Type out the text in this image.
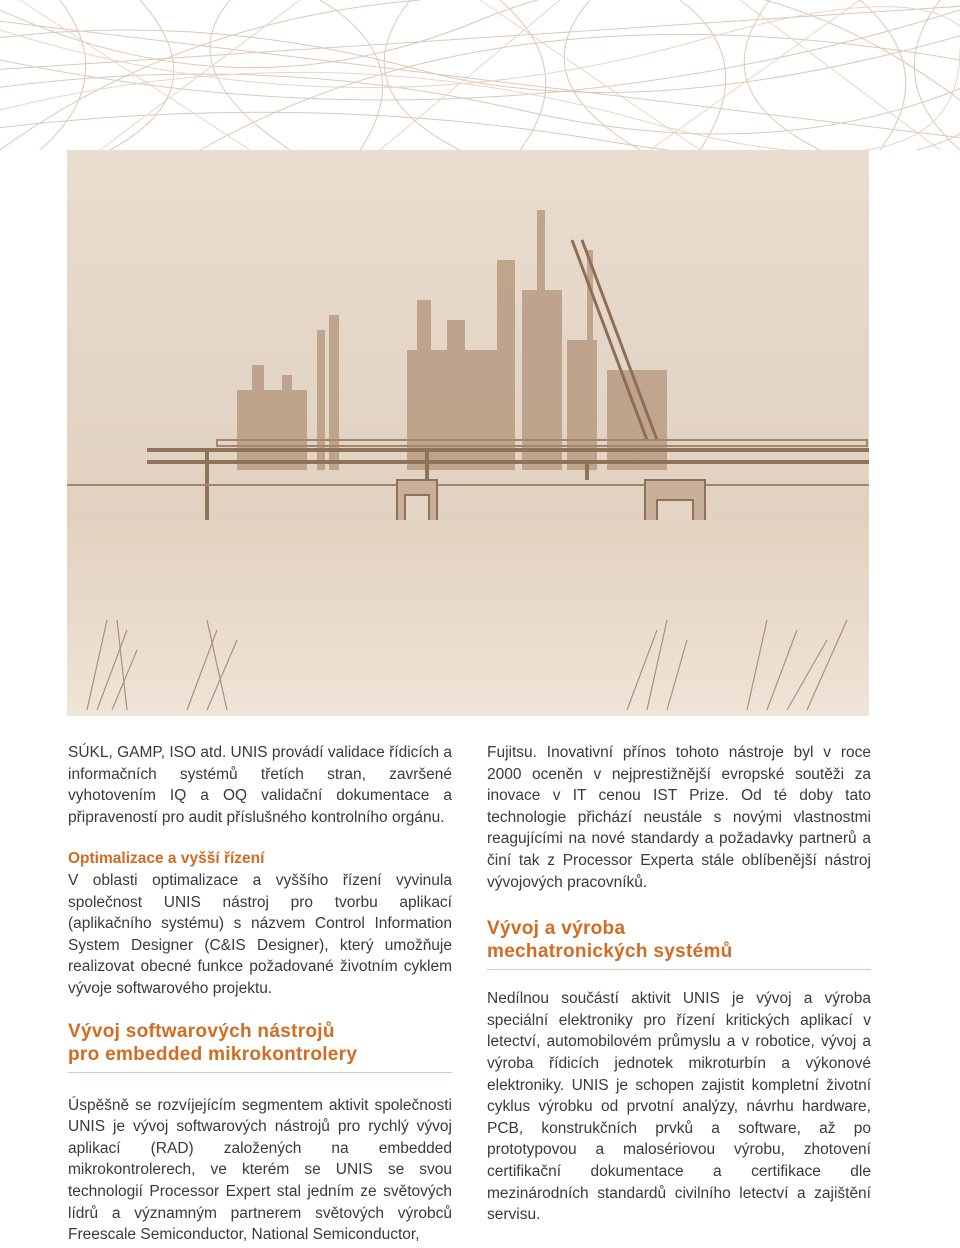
SÚKL, GAMP, ISO atd. UNIS provádí validace řídicích a informačních systémů třetích stran, završené vyhotovením IQ a OQ validační dokumentace a připraveností pro audit příslušného kontrolního orgánu.

Optimalizace a vyšší řízení

V oblasti optimalizace a vyššího řízení vyvinula společnost UNIS nástroj pro tvorbu aplikací (aplikačního systému) s názvem Control Information System Designer (C&IS Designer), který umožňuje realizovat obecné funkce požadované životním cyklem vývoje softwarového projektu.

Vývoj softwarových nástrojů

pro embedded mikrokontrolery

Úspěšně se rozvíjejícím segmentem aktivit společnosti UNIS je vývoj softwarových nástrojů pro rychlý vývoj aplikací (RAD) založených na embedded mikrokontrolerech, ve kterém se UNIS se svou technologií Processor Expert stal jedním ze světových lídrů a významným partnerem světových výrobců Freescale Semiconductor, National Semiconductor,

Fujitsu. Inovativní přínos tohoto nástroje byl v roce 2000 oceněn v nejprestižnější evropské soutěži za inovace v IT cenou IST Prize. Od té doby tato technologie přichází neustále s novými vlastnostmi reagujícími na nové standardy a požadavky partnerů a činí tak z Processor Experta stále oblíbenější nástroj vývojových pracovníků.

Vývoj a výroba

mechatronických systémů

Nedílnou součástí aktivit UNIS je vývoj a výroba speciální elektroniky pro řízení kritických aplikací v letectví, automobilovém průmyslu a v robotice, vývoj a výroba řídicích jednotek mikroturbín a výkonové elektroniky. UNIS je schopen zajistit kompletní životní cyklus výrobku od prvotní analýzy, návrhu hardware, PCB, konstrukčních prvků a software, až po prototypovou a malosériovou výrobu, zhotovení certifikační dokumentace a certifikace dle mezinárodních standardů civilního letectví a zajištění servisu.
